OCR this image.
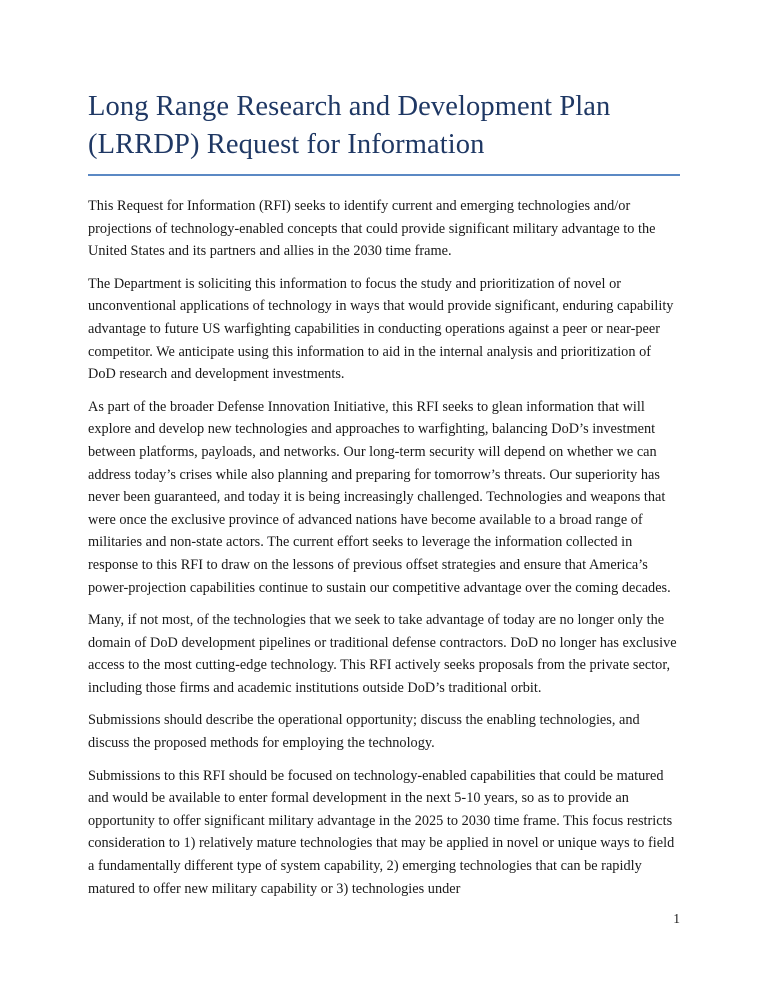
Long Range Research and Development Plan (LRRDP) Request for Information

This Request for Information (RFI) seeks to identify current and emerging technologies and/or projections of technology-enabled concepts that could provide significant military advantage to the United States and its partners and allies in the 2030 time frame.

The Department is soliciting this information to focus the study and prioritization of novel or unconventional applications of technology in ways that would provide significant, enduring capability advantage to future US warfighting capabilities in conducting operations against a peer or near-peer competitor. We anticipate using this information to aid in the internal analysis and prioritization of DoD research and development investments.

As part of the broader Defense Innovation Initiative, this RFI seeks to glean information that will explore and develop new technologies and approaches to warfighting, balancing DoD’s investment between platforms, payloads, and networks. Our long-term security will depend on whether we can address today’s crises while also planning and preparing for tomorrow’s threats. Our superiority has never been guaranteed, and today it is being increasingly challenged. Technologies and weapons that were once the exclusive province of advanced nations have become available to a broad range of militaries and non-state actors. The current effort seeks to leverage the information collected in response to this RFI to draw on the lessons of previous offset strategies and ensure that America’s power-projection capabilities continue to sustain our competitive advantage over the coming decades.

Many, if not most, of the technologies that we seek to take advantage of today are no longer only the domain of DoD development pipelines or traditional defense contractors. DoD no longer has exclusive access to the most cutting-edge technology. This RFI actively seeks proposals from the private sector, including those firms and academic institutions outside DoD’s traditional orbit.

Submissions should describe the operational opportunity; discuss the enabling technologies, and discuss the proposed methods for employing the technology.

Submissions to this RFI should be focused on technology-enabled capabilities that could be matured and would be available to enter formal development in the next 5-10 years, so as to provide an opportunity to offer significant military advantage in the 2025 to 2030 time frame. This focus restricts consideration to 1) relatively mature technologies that may be applied in novel or unique ways to field a fundamentally different type of system capability, 2) emerging technologies that can be rapidly matured to offer new military capability or 3) technologies under

1
